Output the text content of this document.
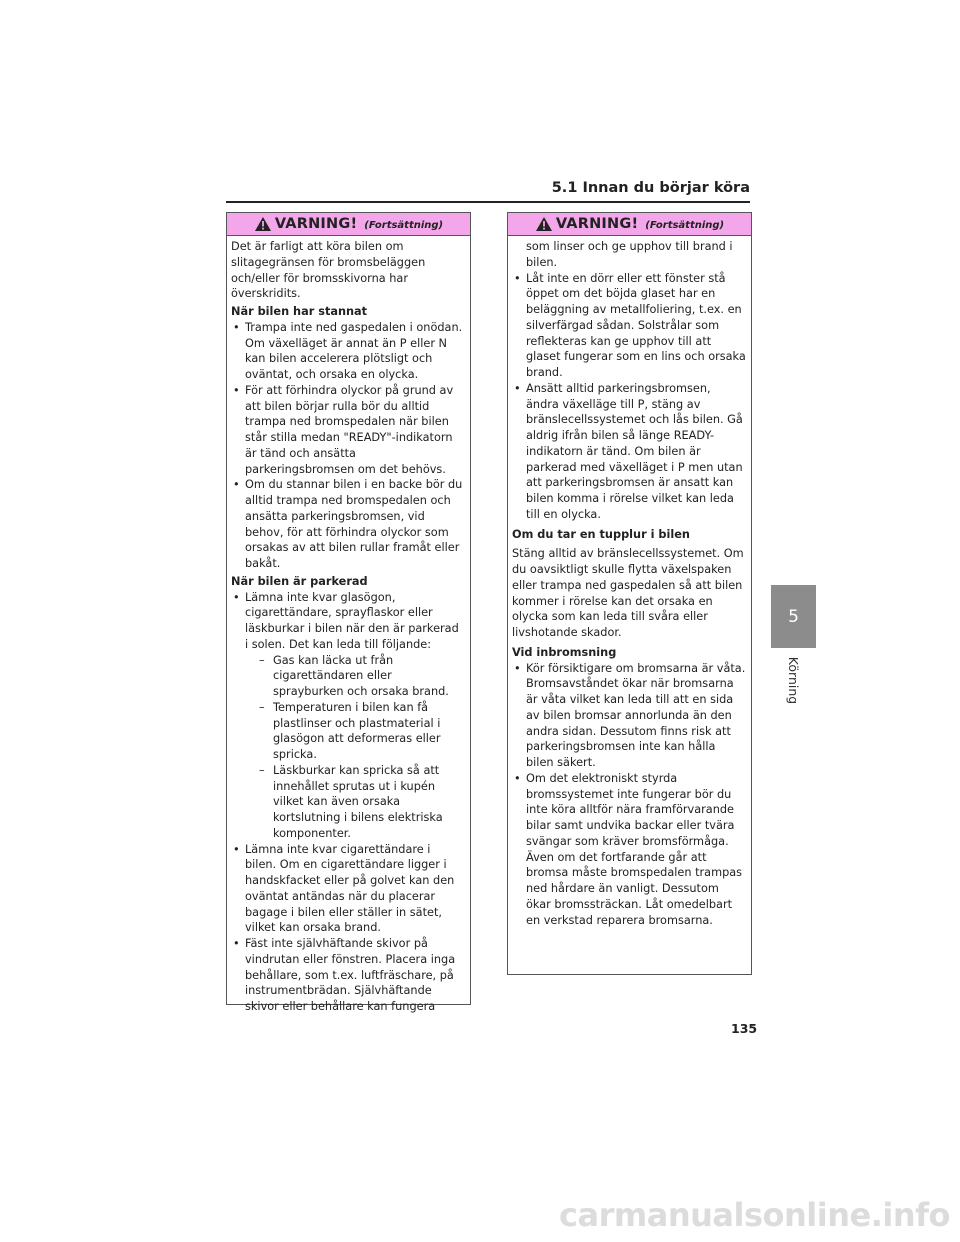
5.1 Innan du börjar köra
VARNING! (Fortsättning)

Det är farligt att köra bilen om slitagegränsen för bromsbeläggen och/eller för bromsskivorna har överskridits.

När bilen har stannat

• Trampa inte ned gaspedalen i onödan. Om växelläget är annat än P eller N kan bilen accelerera plötsligt och oväntat, och orsaka en olycka.
• För att förhindra olyckor på grund av att bilen börjar rulla bör du alltid trampa ned bromspedalen när bilen står stilla medan "READY"-indikatorn är tänd och ansätta parkeringsbromsen om det behövs.
• Om du stannar bilen i en backe bör du alltid trampa ned bromspedalen och ansätta parkeringsbromsen, vid behov, för att förhindra olyckor som orsakas av att bilen rullar framåt eller bakåt.

När bilen är parkerad

• Lämna inte kvar glasögon, cigarettändare, sprayflaskor eller läskburkar i bilen när den är parkerad i solen. Det kan leda till följande:
– Gas kan läcka ut från cigarettändaren eller sprayburken och orsaka brand.
– Temperaturen i bilen kan få plastlinser och plastmaterial i glasögon att deformeras eller spricka.
– Läskburkar kan spricka så att innehållet sprutas ut i kupén vilket kan även orsaka kortslutning i bilens elektriska komponenter.
• Lämna inte kvar cigarettändare i bilen. Om en cigarettändare ligger i handskfacket eller på golvet kan den oväntat antändas när du placerar bagage i bilen eller ställer in sätet, vilket kan orsaka brand.
• Fäst inte självhäftande skivor på vindrutan eller fönstren. Placera inga behållare, som t.ex. luftfräschare, på instrumentbrädan. Självhäftande skivor eller behållare kan fungera
VARNING! (Fortsättning)

som linser och ge upphov till brand i bilen.

• Låt inte en dörr eller ett fönster stå öppet om det böjda glaset har en beläggning av metallfoliering, t.ex. en silverfärgad sådan. Solstrålar som reflekteras kan ge upphov till att glaset fungerar som en lins och orsaka brand.
• Ansätt alltid parkeringsbromsen, ändra växelläge till P, stäng av bränslecellssystemet och lås bilen. Gå aldrig ifrån bilen så länge READY-indikatorn är tänd. Om bilen är parkerad med växelläget i P men utan att parkeringsbromsen är ansatt kan bilen komma i rörelse vilket kan leda till en olycka.

Om du tar en tupplur i bilen

Stäng alltid av bränslecellssystemet. Om du oavsiktligt skulle flytta växelspaken eller trampa ned gaspedalen så att bilen kommer i rörelse kan det orsaka en olycka som kan leda till svåra eller livshotande skador.

Vid inbromsning

• Kör försiktigare om bromsarna är våta. Bromsavståndet ökar när bromsarna är våta vilket kan leda till att en sida av bilen bromsar annorlunda än den andra sidan. Dessutom finns risk att parkeringsbromsen inte kan hålla bilen säkert.
• Om det elektroniskt styrda bromssystemet inte fungerar bör du inte köra alltför nära framförvarande bilar samt undvika backar eller tvära svängar som kräver bromsförmåga. Även om det fortfarande går att bromsa måste bromspedalen trampas ned hårdare än vanligt. Dessutom ökar bromssträckan. Låt omedelbart en verkstad reparera bromsarna.
5
Körning
135
carmanualsonline.info
